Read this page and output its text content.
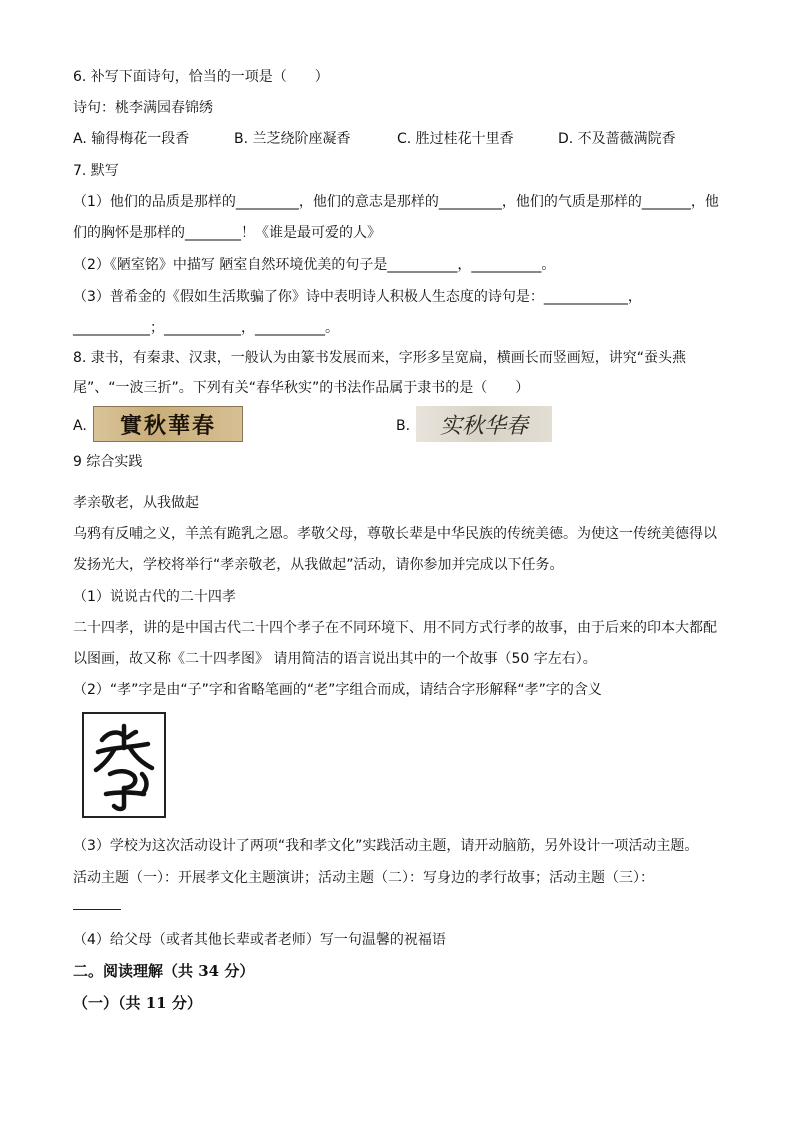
6. 补写下面诗句，恰当的一项是（　　）
诗句：桃李满园春锦绣
A. 输得梅花一段香	B. 兰芝绕阶座凝香	C. 胜过桂花十里香	D. 不及蔷薇满院香
7. 默写
（1）他们的品质是那样的_________，他们的意志是那样的_________，他们的气质是那样的_______，他
们的胸怀是那样的________！《谁是最可爱的人》
（2）《陋室铭》中描写 陋室自然环境优美的句子是__________，__________。
（3）普希金的《假如生活欺骗了你》诗中表明诗人积极人生态度的诗句是：____________，
___________；___________，__________。
8. 隶书，有秦隶、汉隶，一般认为由篆书发展而来，字形多呈宽扁，横画长而竖画短，讲究“蚕头燕
尾”、“一波三折”。下列有关“春华秋实”的书法作品属于隶书的是（　　）
A.	實秋華春	B.	实秋华春
9 综合实践
孝亲敬老，从我做起
乌鸦有反哺之义，羊羔有跪乳之恩。孝敬父母，尊敬长辈是中华民族的传统美德。为使这一传统美德得以
发扬光大，学校将举行“孝亲敬老，从我做起”活动，请你参加并完成以下任务。
（1）说说古代的二十四孝
二十四孝，讲的是中国古代二十四个孝子在不同环境下、用不同方式行孝的故事，由于后来的印本大都配
以图画，故又称《二十四孝图》 请用简洁的语言说出其中的一个故事（50 字左右）。
（2）“孝”字是由“子”字和省略笔画的“老”字组合而成，请结合字形解释“孝”字的含义
（3）学校为这次活动设计了两项“我和孝文化”实践活动主题，请开动脑筋，另外设计一项活动主题。
活动主题（一）：开展孝文化主题演讲；活动主题（二）：写身边的孝行故事；活动主题（三）：
（4）给父母（或者其他长辈或者老师）写一句温馨的祝福语
二。阅读理解（共 34 分）
（一）（共 11 分）
